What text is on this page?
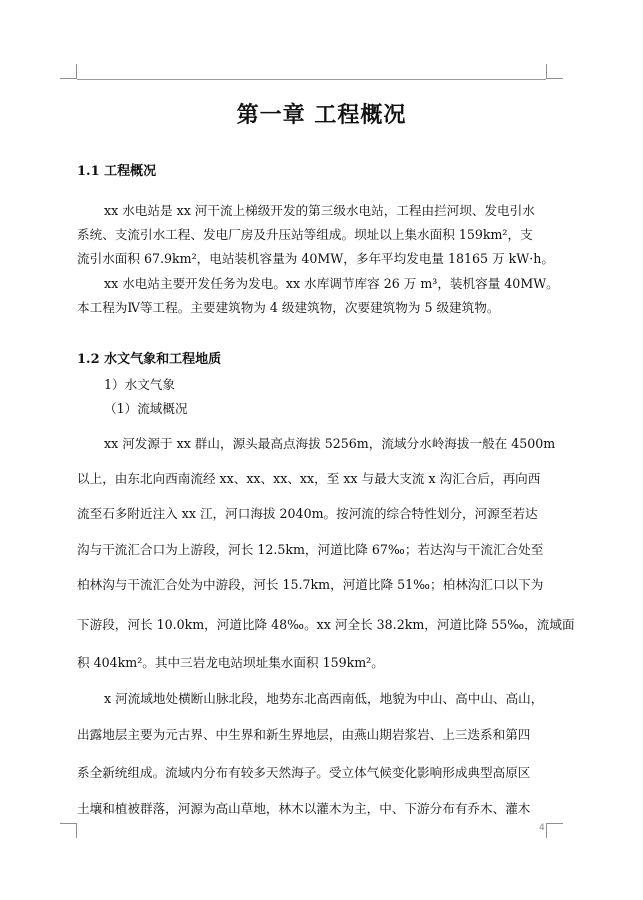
第一章 工程概况
1.1 工程概况
xx 水电站是 xx 河干流上梯级开发的第三级水电站，工程由拦河坝、发电引水
系统、支流引水工程、发电厂房及升压站等组成。坝址以上集水面积 159km²，支
流引水面积 67.9km²，电站装机容量为 40MW，多年平均发电量 18165 万 kW·h。
xx 水电站主要开发任务为发电。xx 水库调节库容 26 万 m³，装机容量 40MW。
本工程为Ⅳ等工程。主要建筑物为 4 级建筑物，次要建筑物为 5 级建筑物。
1.2 水文气象和工程地质
1）水文气象
（1）流域概况
xx 河发源于 xx 群山，源头最高点海拔 5256m，流域分水岭海拔一般在 4500m
以上，由东北向西南流经 xx、xx、xx、xx，至 xx 与最大支流 x 沟汇合后，再向西
流至石多附近注入 xx 江，河口海拔 2040m。按河流的综合特性划分，河源至若达
沟与干流汇合口为上游段，河长 12.5km，河道比降 67‰；若达沟与干流汇合处至
柏林沟与干流汇合处为中游段，河长 15.7km，河道比降 51‰；柏林沟汇口以下为
下游段，河长 10.0km，河道比降 48‰。xx 河全长 38.2km，河道比降 55‰，流域面
积 404km²。其中三岩龙电站坝址集水面积 159km²。
x 河流域地处横断山脉北段，地势东北高西南低，地貌为中山、高中山、高山，
出露地层主要为元古界、中生界和新生界地层，由燕山期岩浆岩、上三迭系和第四
系全新统组成。流域内分布有较多天然海子。受立体气候变化影响形成典型高原区
土壤和植被群落，河源为高山草地，林木以灌木为主，中、下游分布有乔木、灌木
4
